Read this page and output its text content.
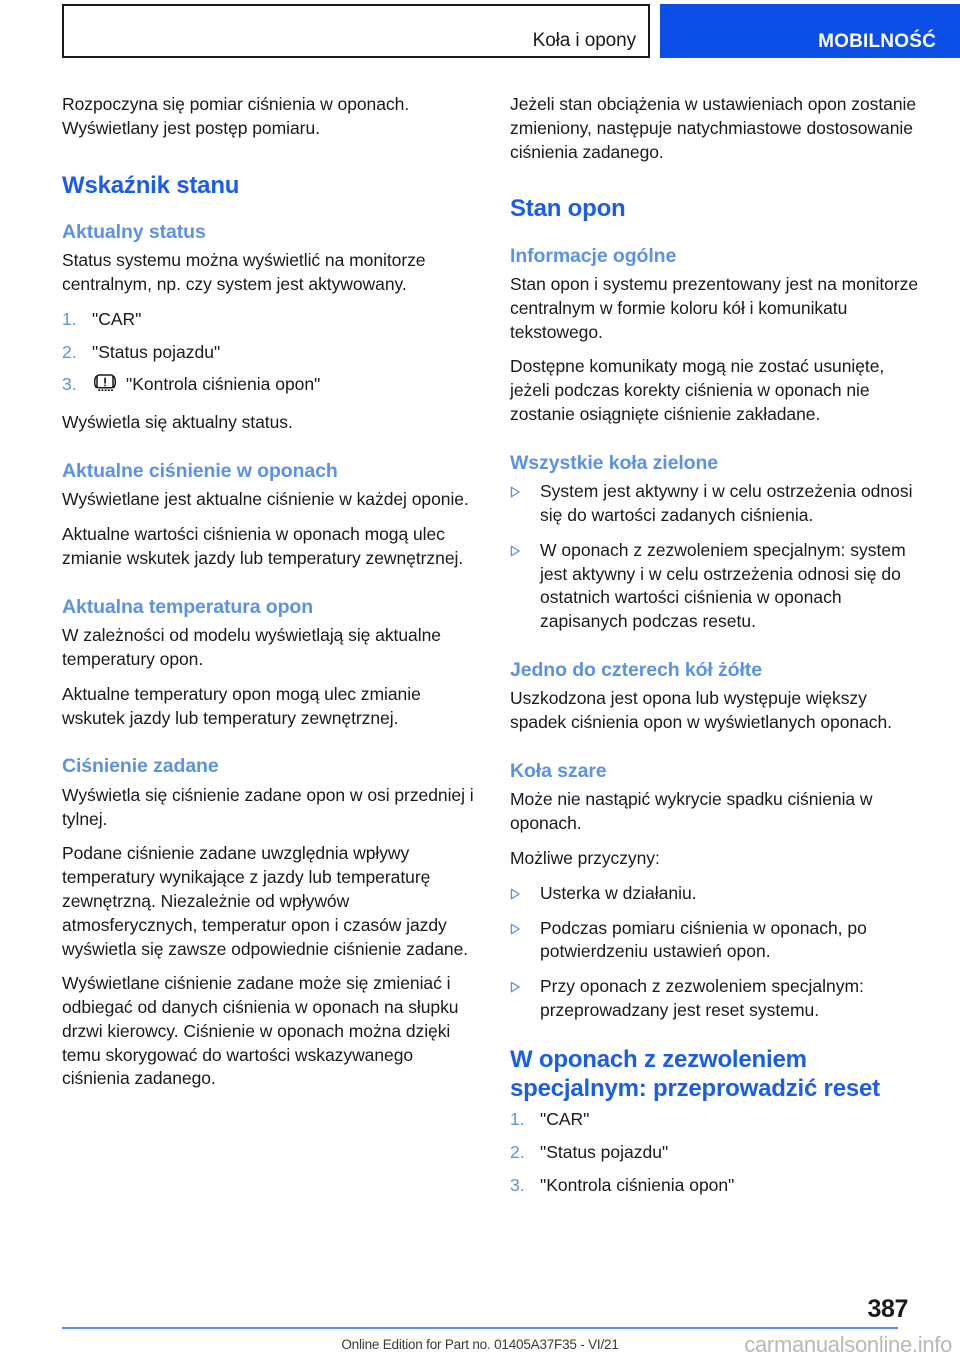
Koła i opony	MOBILNOŚĆ

Rozpoczyna się pomiar ciśnienia w oponach. Wyświetlany jest postęp pomiaru.

Wskaźnik stanu
Aktualny status

Status systemu można wyświetlić na monitorze centralnym, np. czy system jest aktywowany.

1. "CAR"
2. "Status pojazdu"
3.	"Kontrola ciśnienia opon"

Wyświetla się aktualny status.

Aktualne ciśnienie w oponach

Wyświetlane jest aktualne ciśnienie w każdej oponie.

Aktualne wartości ciśnienia w oponach mogą ulec zmianie wskutek jazdy lub temperatury zewnętrznej.

Aktualna temperatura opon

W zależności od modelu wyświetlają się aktualne temperatury opon.

Aktualne temperatury opon mogą ulec zmianie wskutek jazdy lub temperatury zewnętrznej.

Ciśnienie zadane

Wyświetla się ciśnienie zadane opon w osi przedniej i tylnej.

Podane ciśnienie zadane uwzględnia wpływy temperatury wynikające z jazdy lub temperaturę zewnętrzną. Niezależnie od wpływów atmosferycznych, temperatur opon i czasów jazdy wyświetla się zawsze odpowiednie ciśnienie zadane.

Wyświetlane ciśnienie zadane może się zmieniać i odbiegać od danych ciśnienia w oponach na słupku drzwi kierowcy. Ciśnienie w oponach można dzięki temu skorygować do wartości wskazywanego ciśnienia zadanego.

Jeżeli stan obciążenia w ustawieniach opon zostanie zmieniony, następuje natychmiastowe dostosowanie ciśnienia zadanego.

Stan opon
Informacje ogólne

Stan opon i systemu prezentowany jest na monitorze centralnym w formie koloru kół i komunikatu tekstowego.

Dostępne komunikaty mogą nie zostać usunięte, jeżeli podczas korekty ciśnienia w oponach nie zostanie osiągnięte ciśnienie zakładane.

Wszystkie koła zielone
System jest aktywny i w celu ostrzeżenia odnosi się do wartości zadanych ciśnienia.
W oponach z zezwoleniem specjalnym: system jest aktywny i w celu ostrzeżenia odnosi się do ostatnich wartości ciśnienia w oponach zapisanych podczas resetu.
Jedno do czterech kół żółte

Uszkodzona jest opona lub występuje większy spadek ciśnienia opon w wyświetlanych oponach.

Koła szare

Może nie nastąpić wykrycie spadku ciśnienia w oponach.

Możliwe przyczyny:

Usterka w działaniu.
Podczas pomiaru ciśnienia w oponach, po potwierdzeniu ustawień opon.
Przy oponach z zezwoleniem specjalnym: przeprowadzany jest reset systemu.
W oponach z zezwoleniem specjalnym: przeprowadzić reset
1. "CAR"
2. "Status pojazdu"
3. "Kontrola ciśnienia opon"
387
Online Edition for Part no. 01405A37F35 - VI/21	carmanualsonline.info
